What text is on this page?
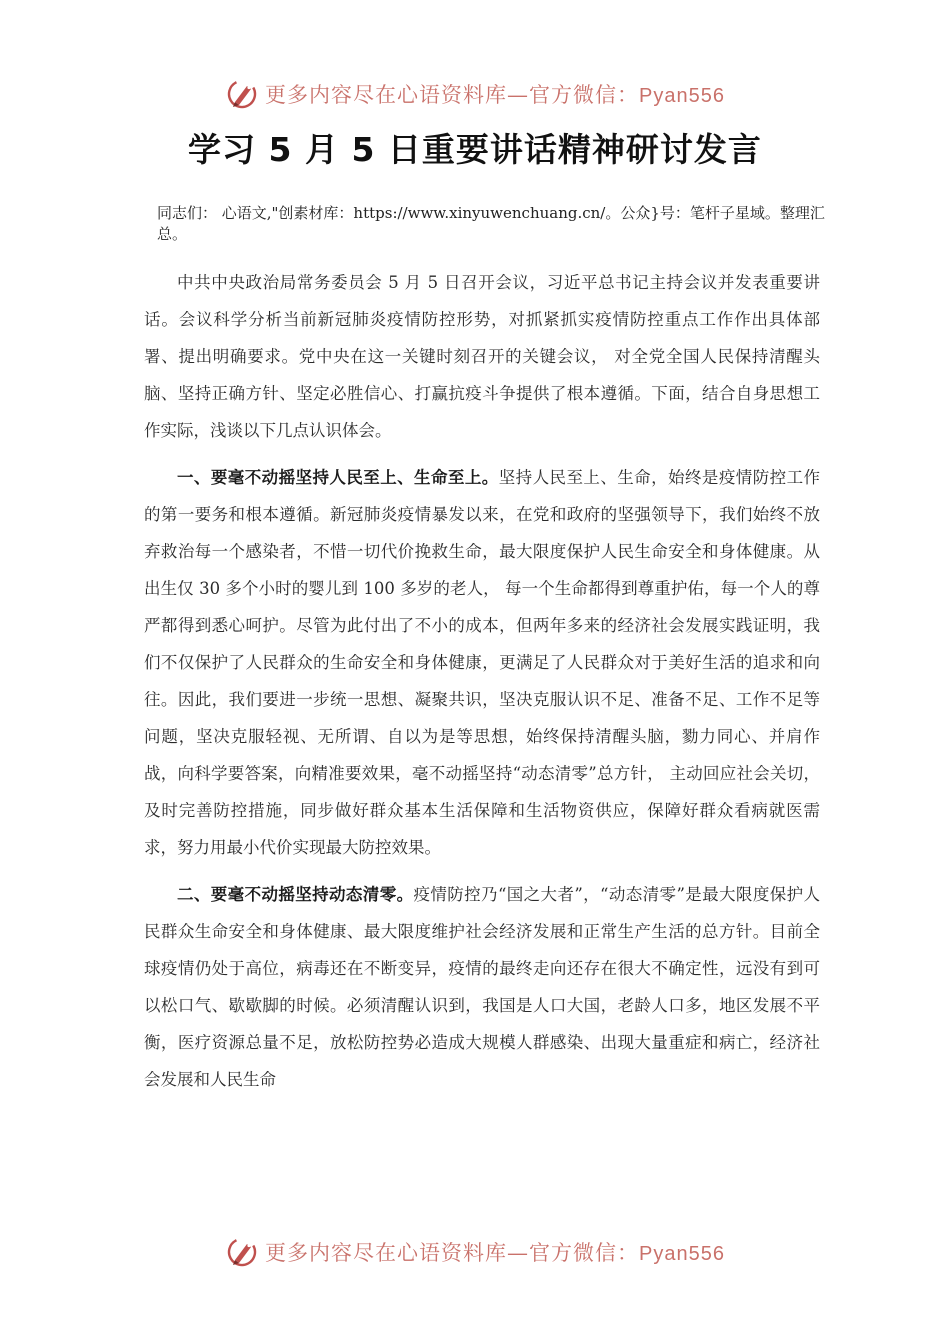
更多内容尽在心语资料库—官方微信：Pyan556
学习 5 月 5 日重要讲话精神研讨发言

同志们： 心语文,"创素材库：https://www.xinyuwenchuang.cn/。公众}号：笔杆子星域。整理汇总。

中共中央政治局常务委员会 5 月 5 日召开会议，习近平总书记主持会议并发表重要讲话。会议科学分析当前新冠肺炎疫情防控形势，对抓紧抓实疫情防控重点工作作出具体部署、提出明确要求。党中央在这一关键时刻召开的关键会议， 对全党全国人民保持清醒头脑、坚持正确方针、坚定必胜信心、打赢抗疫斗争提供了根本遵循。下面，结合自身思想工作实际，浅谈以下几点认识体会。

一、要毫不动摇坚持人民至上、生命至上。坚持人民至上、生命，始终是疫情防控工作的第一要务和根本遵循。新冠肺炎疫情暴发以来，在党和政府的坚强领导下，我们始终不放弃救治每一个感染者，不惜一切代价挽救生命，最大限度保护人民生命安全和身体健康。从出生仅 30 多个小时的婴儿到 100 多岁的老人， 每一个生命都得到尊重护佑，每一个人的尊严都得到悉心呵护。尽管为此付出了不小的成本，但两年多来的经济社会发展实践证明，我们不仅保护了人民群众的生命安全和身体健康，更满足了人民群众对于美好生活的追求和向往。因此，我们要进一步统一思想、凝聚共识，坚决克服认识不足、准备不足、工作不足等问题，坚决克服轻视、无所谓、自以为是等思想，始终保持清醒头脑，勠力同心、并肩作战，向科学要答案，向精准要效果，毫不动摇坚持“动态清零”总方针， 主动回应社会关切，及时完善防控措施，同步做好群众基本生活保障和生活物资供应，保障好群众看病就医需求，努力用最小代价实现最大防控效果。

二、要毫不动摇坚持动态清零。疫情防控乃“国之大者”，“动态清零”是最大限度保护人民群众生命安全和身体健康、最大限度维护社会经济发展和正常生产生活的总方针。目前全球疫情仍处于高位，病毒还在不断变异，疫情的最终走向还存在很大不确定性，远没有到可以松口气、歇歇脚的时候。必须清醒认识到，我国是人口大国，老龄人口多，地区发展不平衡，医疗资源总量不足，放松防控势必造成大规模人群感染、出现大量重症和病亡，经济社会发展和人民生命

更多内容尽在心语资料库—官方微信：Pyan556
